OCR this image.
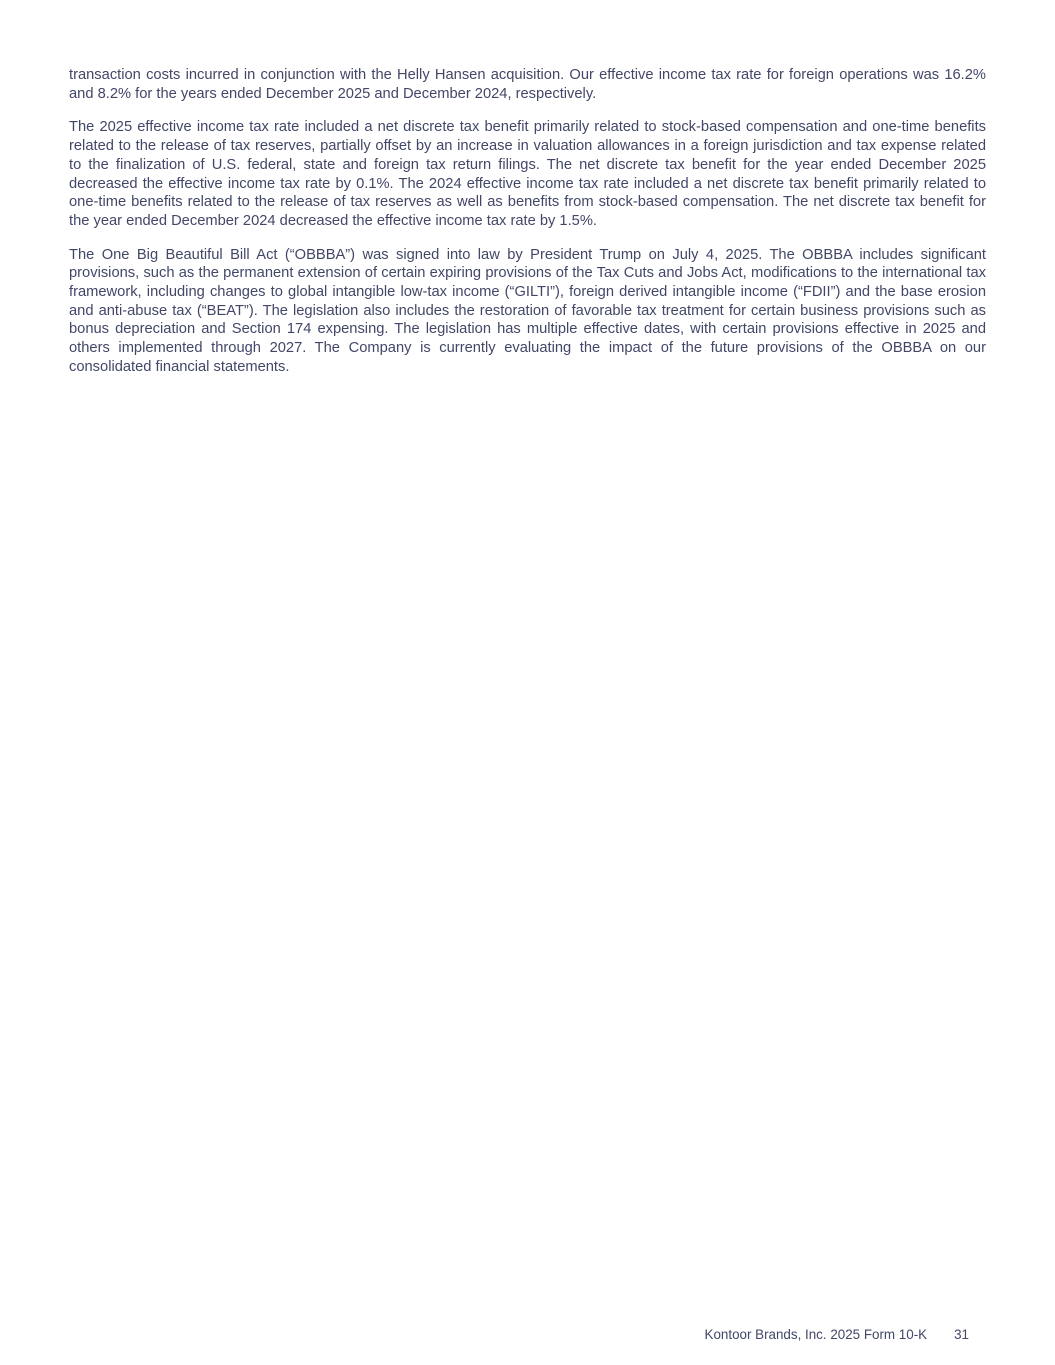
transaction costs incurred in conjunction with the Helly Hansen acquisition. Our effective income tax rate for foreign operations was 16.2% and 8.2% for the years ended December 2025 and December 2024, respectively.

The 2025 effective income tax rate included a net discrete tax benefit primarily related to stock-based compensation and one-time benefits related to the release of tax reserves, partially offset by an increase in valuation allowances in a foreign jurisdiction and tax expense related to the finalization of U.S. federal, state and foreign tax return filings. The net discrete tax benefit for the year ended December 2025 decreased the effective income tax rate by 0.1%. The 2024 effective income tax rate included a net discrete tax benefit primarily related to one-time benefits related to the release of tax reserves as well as benefits from stock-based compensation. The net discrete tax benefit for the year ended December 2024 decreased the effective income tax rate by 1.5%.

The One Big Beautiful Bill Act (“OBBBA”) was signed into law by President Trump on July 4, 2025. The OBBBA includes significant provisions, such as the permanent extension of certain expiring provisions of the Tax Cuts and Jobs Act, modifications to the international tax framework, including changes to global intangible low-tax income (“GILTI”), foreign derived intangible income (“FDII”) and the base erosion and anti-abuse tax (“BEAT”). The legislation also includes the restoration of favorable tax treatment for certain business provisions such as bonus depreciation and Section 174 expensing. The legislation has multiple effective dates, with certain provisions effective in 2025 and others implemented through 2027. The Company is currently evaluating the impact of the future provisions of the OBBBA on our consolidated financial statements.

Kontoor Brands, Inc. 2025 Form 10-K 31
